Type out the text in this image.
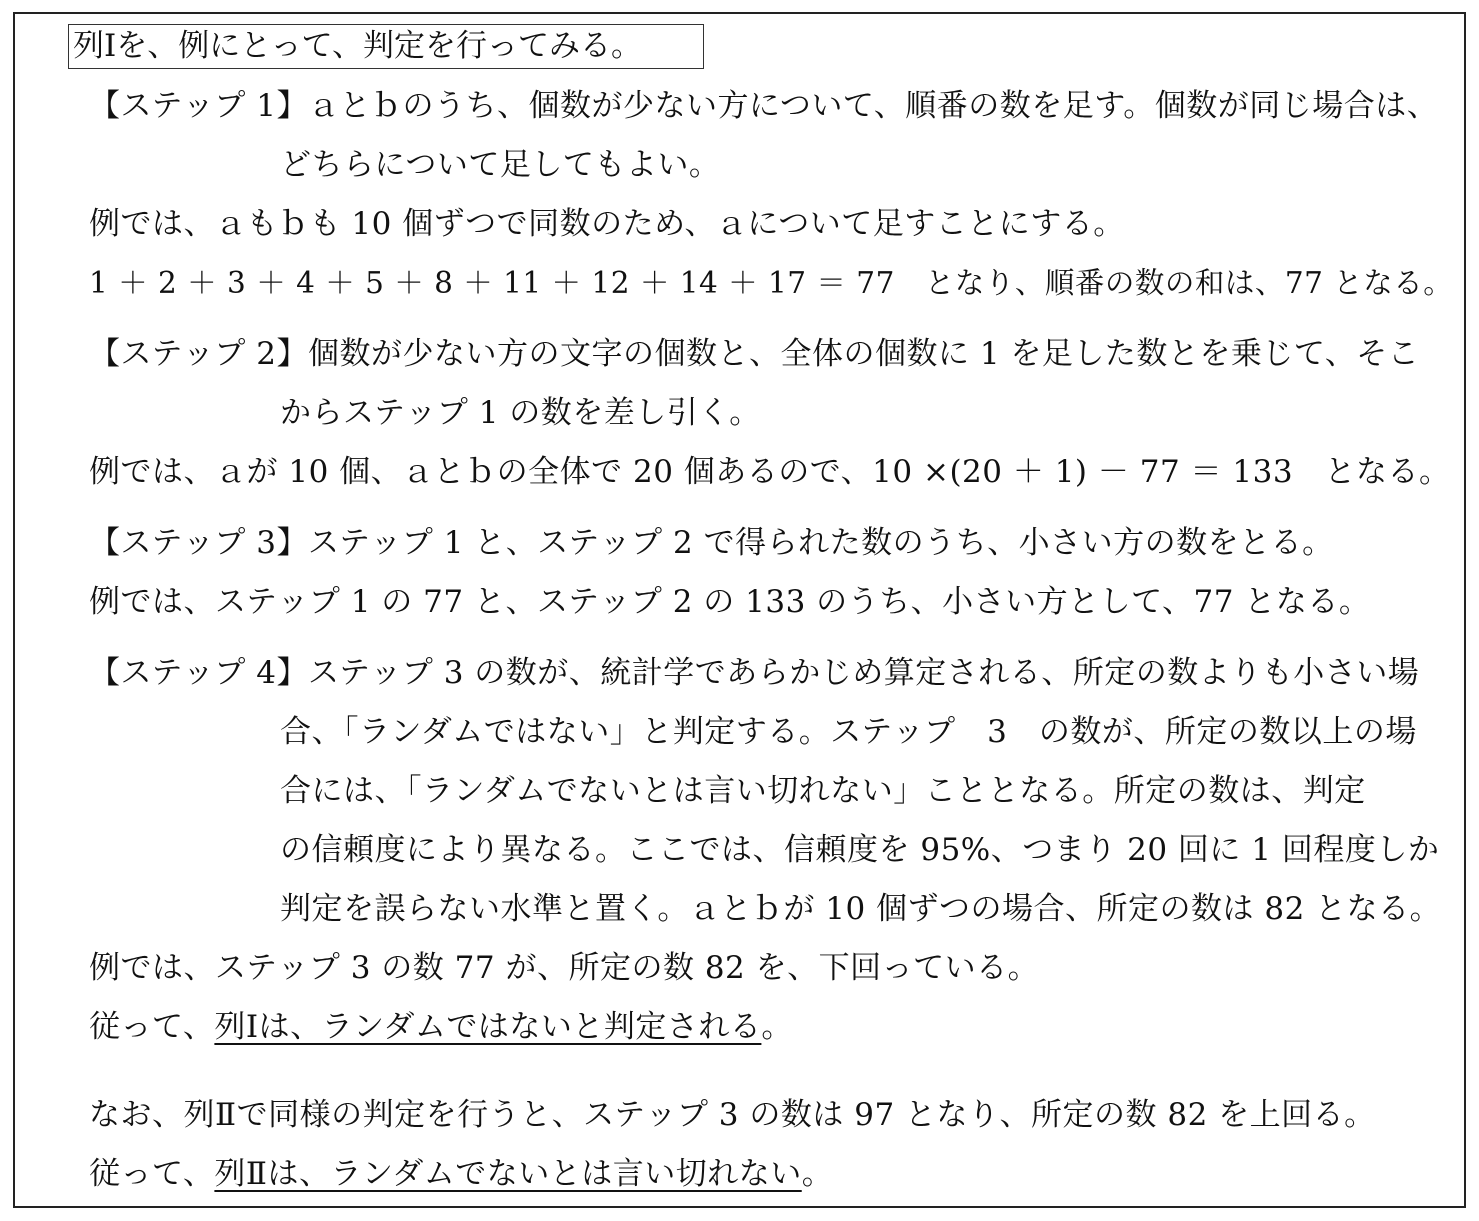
列Ⅰを、例にとって、判定を行ってみる。
【ステップ 1】ａとｂのうち、個数が少ない方について、順番の数を足す。個数が同じ場合は、
どちらについて足してもよい。
例では、ａもｂも 10 個ずつで同数のため、ａについて足すことにする。
1 ＋ 2 ＋ 3 ＋ 4 ＋ 5 ＋ 8 ＋ 11 ＋ 12 ＋ 14 ＋ 17 ＝ 77　となり、順番の数の和は、77 となる。
【ステップ 2】個数が少ない方の文字の個数と、全体の個数に 1 を足した数とを乗じて、そこ
からステップ 1 の数を差し引く。
例では、ａが 10 個、ａとｂの全体で 20 個あるので、10 ×(20 ＋ 1) － 77 ＝ 133　となる。
【ステップ 3】ステップ 1 と、ステップ 2 で得られた数のうち、小さい方の数をとる。
例では、ステップ 1 の 77 と、ステップ 2 の 133 のうち、小さい方として、77 となる。
【ステップ 4】ステップ 3 の数が、統計学であらかじめ算定される、所定の数よりも小さい場
合、「ランダムではない」と判定する。ステップ　3　の数が、所定の数以上の場
合には、「ランダムでないとは言い切れない」こととなる。所定の数は、判定
の信頼度により異なる。ここでは、信頼度を 95%、つまり 20 回に 1 回程度しか
判定を誤らない水準と置く。ａとｂが 10 個ずつの場合、所定の数は 82 となる。
例では、ステップ 3 の数 77 が、所定の数 82 を、下回っている。
従って、列Ⅰは、ランダムではないと判定される。
なお、列Ⅱで同様の判定を行うと、ステップ 3 の数は 97 となり、所定の数 82 を上回る。
従って、列Ⅱは、ランダムでないとは言い切れない。
